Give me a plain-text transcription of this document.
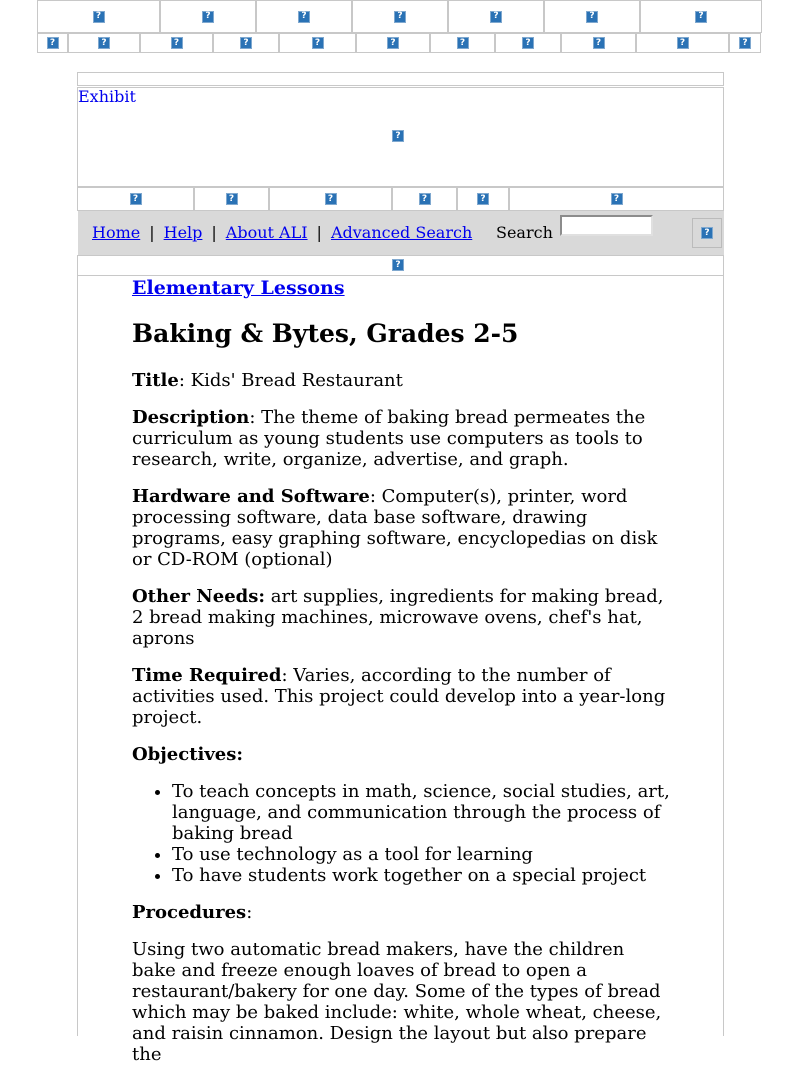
?	?	?	?	?	?	?
?	?	?	?	?	?	?	?	?	?	?
?
Exhibit
?	?	?	?	?	?
Home | Help | About ALI | Advanced Search Search	?
?
Elementary Lessons
Baking & Bytes, Grades 2-5

Title: Kids' Bread Restaurant

Description: The theme of baking bread permeates the curriculum as young students use computers as tools to research, write, organize, advertise, and graph.

Hardware and Software: Computer(s), printer, word processing software, data base software, drawing programs, easy graphing software, encyclopedias on disk or CD-ROM (optional)

Other Needs: art supplies, ingredients for making bread, 2 bread making machines, microwave ovens, chef's hat, aprons

Time Required: Varies, according to the number of activities used. This project could develop into a year-long project.

Objectives:

• To teach concepts in math, science, social studies, art, language, and communication through the process of baking bread
• To use technology as a tool for learning
• To have students work together on a special project

Procedures:

Using two automatic bread makers, have the children bake and freeze enough loaves of bread to open a restaurant/bakery for one day. Some of the types of bread which may be baked include: white, whole wheat, cheese, and raisin cinnamon. Design the layout but also prepare the
